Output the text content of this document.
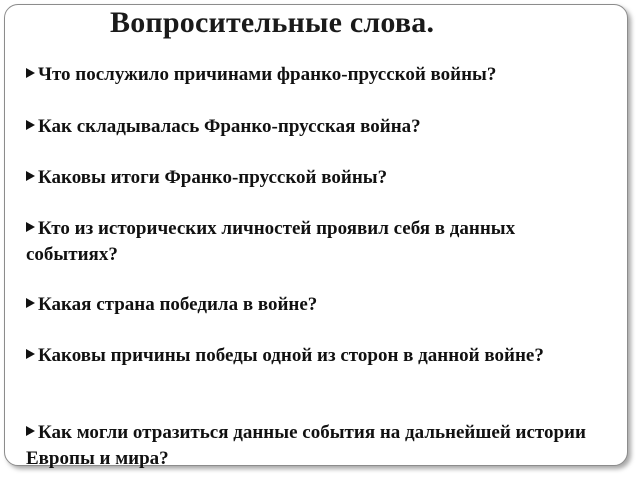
Вопросительные слова.
Что послужило причинами франко-прусской войны?
Как складывалась Франко-прусская война?
Каковы итоги Франко-прусской войны?
Кто из исторических личностей проявил себя в данных событиях?
Какая страна победила в войне?
Каковы причины победы одной из сторон в данной войне?
Как могли отразиться данные события на дальнейшей истории Европы и мира?
